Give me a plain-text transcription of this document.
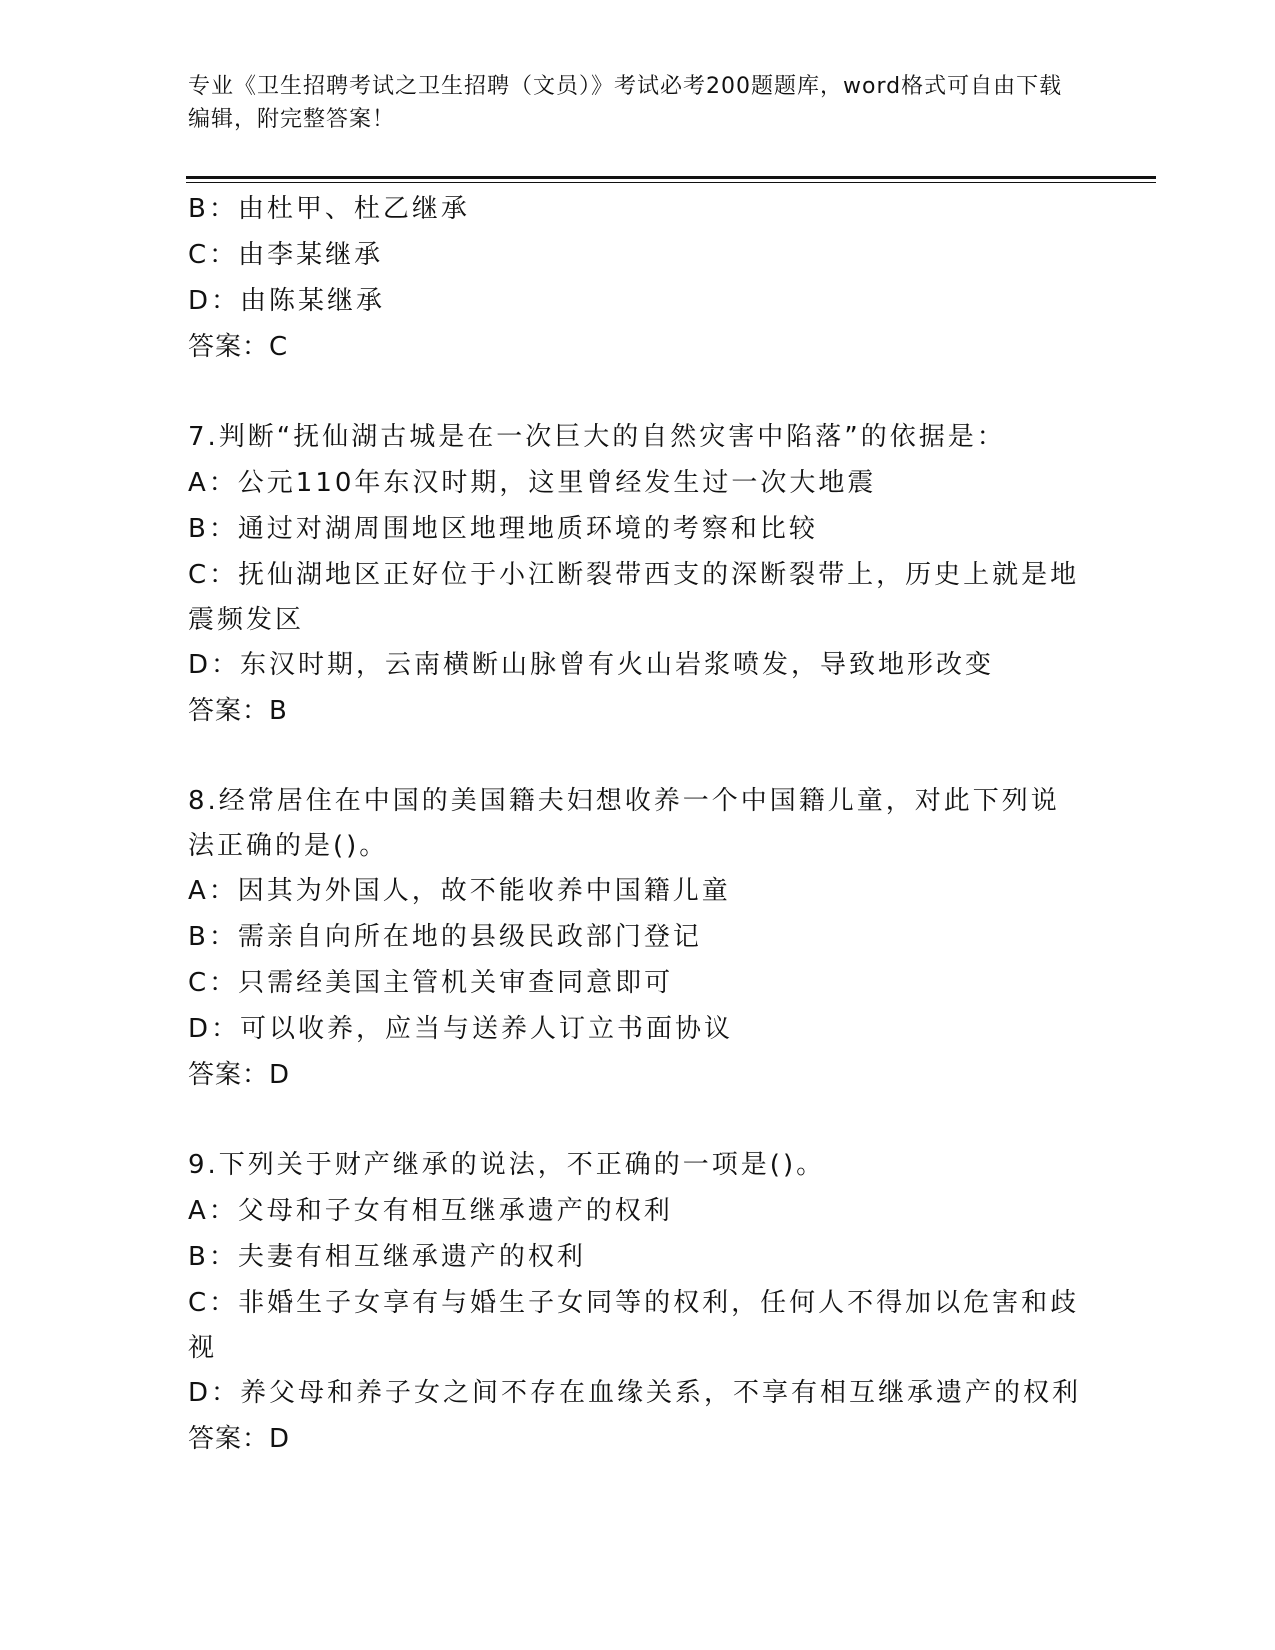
专业《卫生招聘考试之卫生招聘（文员）》考试必考200题题库，word格式可自由下载编辑，附完整答案！
B：由杜甲、杜乙继承
C：由李某继承
D：由陈某继承
答案：C
7.判断“抚仙湖古城是在一次巨大的自然灾害中陷落”的依据是：
A：公元110年东汉时期，这里曾经发生过一次大地震
B：通过对湖周围地区地理地质环境的考察和比较
C：抚仙湖地区正好位于小江断裂带西支的深断裂带上，历史上就是地
震频发区
D：东汉时期，云南横断山脉曾有火山岩浆喷发，导致地形改变
答案：B
8.经常居住在中国的美国籍夫妇想收养一个中国籍儿童，对此下列说
法正确的是()。
A：因其为外国人，故不能收养中国籍儿童
B：需亲自向所在地的县级民政部门登记
C：只需经美国主管机关审查同意即可
D：可以收养，应当与送养人订立书面协议
答案：D
9.下列关于财产继承的说法，不正确的一项是()。
A：父母和子女有相互继承遗产的权利
B：夫妻有相互继承遗产的权利
C：非婚生子女享有与婚生子女同等的权利，任何人不得加以危害和歧
视
D：养父母和养子女之间不存在血缘关系，不享有相互继承遗产的权利
答案：D
